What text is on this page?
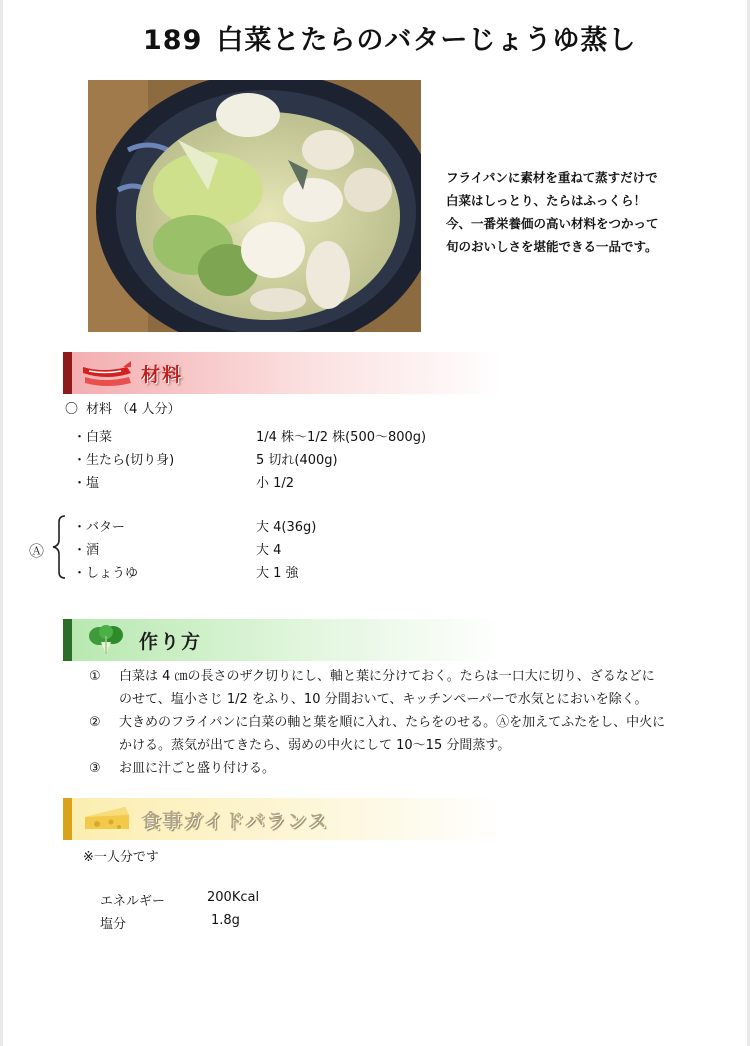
189 白菜とたらのバターじょうゆ蒸し
フライパンに素材を重ねて蒸すだけで
白菜はしっとり、たらはふっくら！
今、一番栄養価の高い材料をつかって
旬のおいしさを堪能できる一品です。
材料
〇 材料 （4 人分）
・白菜	1/4 株～1/2 株(500～800g)
・生たら(切り身)	5 切れ(400g)
・塩	小 1/2
Ⓐ
・バター	大 4(36g)
・酒	大 4
・しょうゆ	大 1 強
作り方
① 白菜は 4 ㎝の長さのザク切りにし、軸と葉に分けておく。たらは一口大に切り、ざるなどに
のせて、塩小さじ 1/2 をふり、10 分間おいて、キッチンペーパーで水気とにおいを除く。
② 大きめのフライパンに白菜の軸と葉を順に入れ、たらをのせる。Ⓐを加えてふたをし、中火に
かける。蒸気が出てきたら、弱めの中火にして 10～15 分間蒸す。
③ お皿に汁ごと盛り付ける。
食事ガイドバランス
※一人分です
エネルギー	200Kcal
塩分	1.8g
